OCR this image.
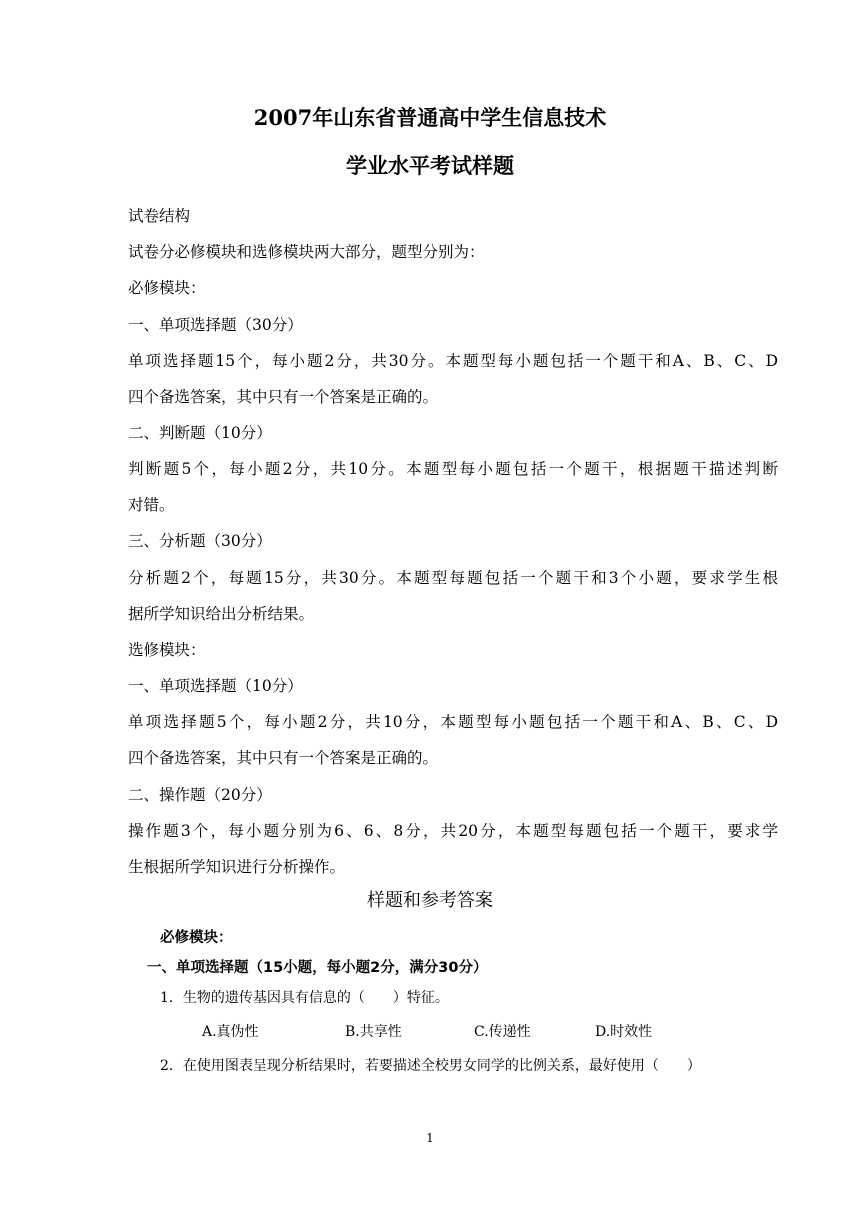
2007年山东省普通高中学生信息技术
学业水平考试样题
试卷结构
试卷分必修模块和选修模块两大部分，题型分别为：
必修模块：
一、单项选择题（30分）
单项选择题15个，每小题2分，共30分。本题型每小题包括一个题干和A、B、C、D
四个备选答案，其中只有一个答案是正确的。
二、判断题（10分）
判断题5个，每小题2分，共10分。本题型每小题包括一个题干，根据题干描述判断
对错。
三、分析题（30分）
分析题2个，每题15分，共30分。本题型每题包括一个题干和3个小题，要求学生根
据所学知识给出分析结果。
选修模块：
一、单项选择题（10分）
单项选择题5个，每小题2分，共10分，本题型每小题包括一个题干和A、B、C、D
四个备选答案，其中只有一个答案是正确的。
二、操作题（20分）
操作题3个，每小题分别为6、6、8分，共20分，本题型每题包括一个题干，要求学
生根据所学知识进行分析操作。
样题和参考答案
必修模块：
一、单项选择题（15小题，每小题2分，满分30分）
1．生物的遗传基因具有信息的（　　）特征。
A.真伪性	B.共享性	C.传递性	D.时效性
2．在使用图表呈现分析结果时，若要描述全校男女同学的比例关系，最好使用（　　）
1
